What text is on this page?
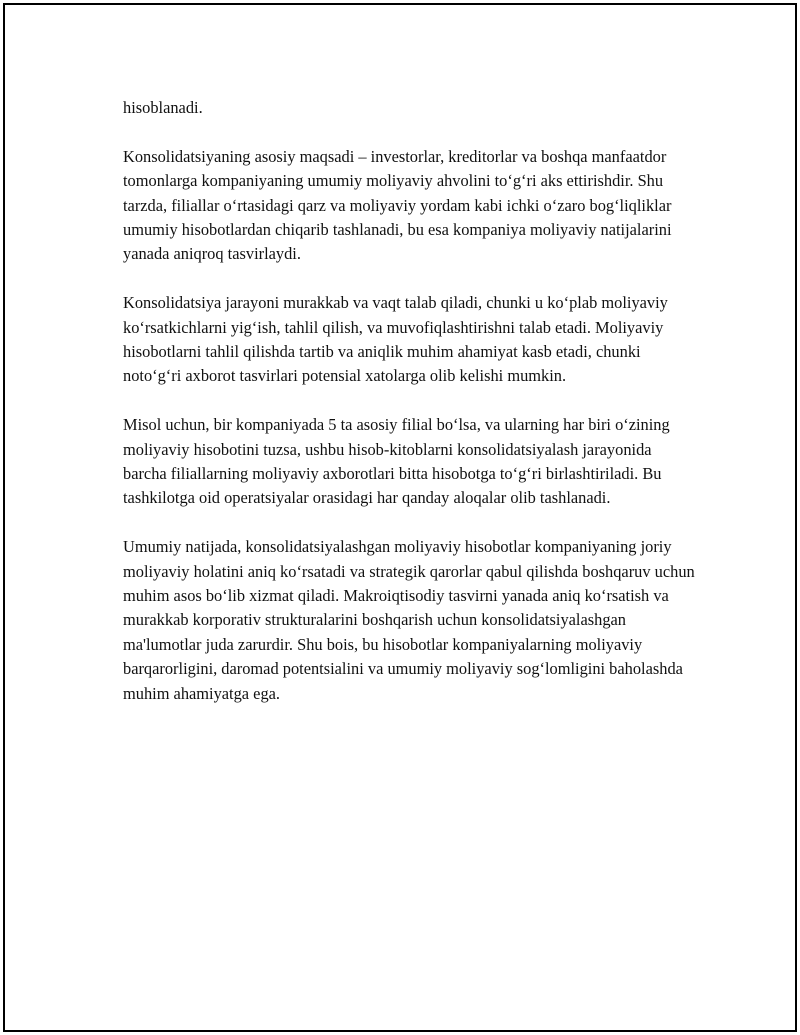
hisoblanadi.

Konsolidatsiyaning asosiy maqsadi – investorlar, kreditorlar va boshqa manfaatdor tomonlarga kompaniyaning umumiy moliyaviy ahvolini to‘g‘ri aks ettirishdir. Shu tarzda, filiallar o‘rtasidagi qarz va moliyaviy yordam kabi ichki o‘zaro bog‘liqliklar umumiy hisobotlardan chiqarib tashlanadi, bu esa kompaniya moliyaviy natijalarini yanada aniqroq tasvirlaydi.

Konsolidatsiya jarayoni murakkab va vaqt talab qiladi, chunki u ko‘plab moliyaviy ko‘rsatkichlarni yig‘ish, tahlil qilish, va muvofiqlashtirishni talab etadi. Moliyaviy hisobotlarni tahlil qilishda tartib va aniqlik muhim ahamiyat kasb etadi, chunki noto‘g‘ri axborot tasvirlari potensial xatolarga olib kelishi mumkin.

Misol uchun, bir kompaniyada 5 ta asosiy filial bo‘lsa, va ularning har biri o‘zining moliyaviy hisobotini tuzsa, ushbu hisob-kitoblarni konsolidatsiyalash jarayonida barcha filiallarning moliyaviy axborotlari bitta hisobotga to‘g‘ri birlashtiriladi. Bu tashkilotga oid operatsiyalar orasidagi har qanday aloqalar olib tashlanadi.

Umumiy natijada, konsolidatsiyalashgan moliyaviy hisobotlar kompaniyaning joriy moliyaviy holatini aniq ko‘rsatadi va strategik qarorlar qabul qilishda boshqaruv uchun muhim asos bo‘lib xizmat qiladi. Makroiqtisodiy tasvirni yanada aniq ko‘rsatish va murakkab korporativ strukturalarini boshqarish uchun konsolidatsiyalashgan ma'lumotlar juda zarurdir. Shu bois, bu hisobotlar kompaniyalarning moliyaviy barqarorligini, daromad potentsialini va umumiy moliyaviy sog‘lomligini baholashda muhim ahamiyatga ega.
